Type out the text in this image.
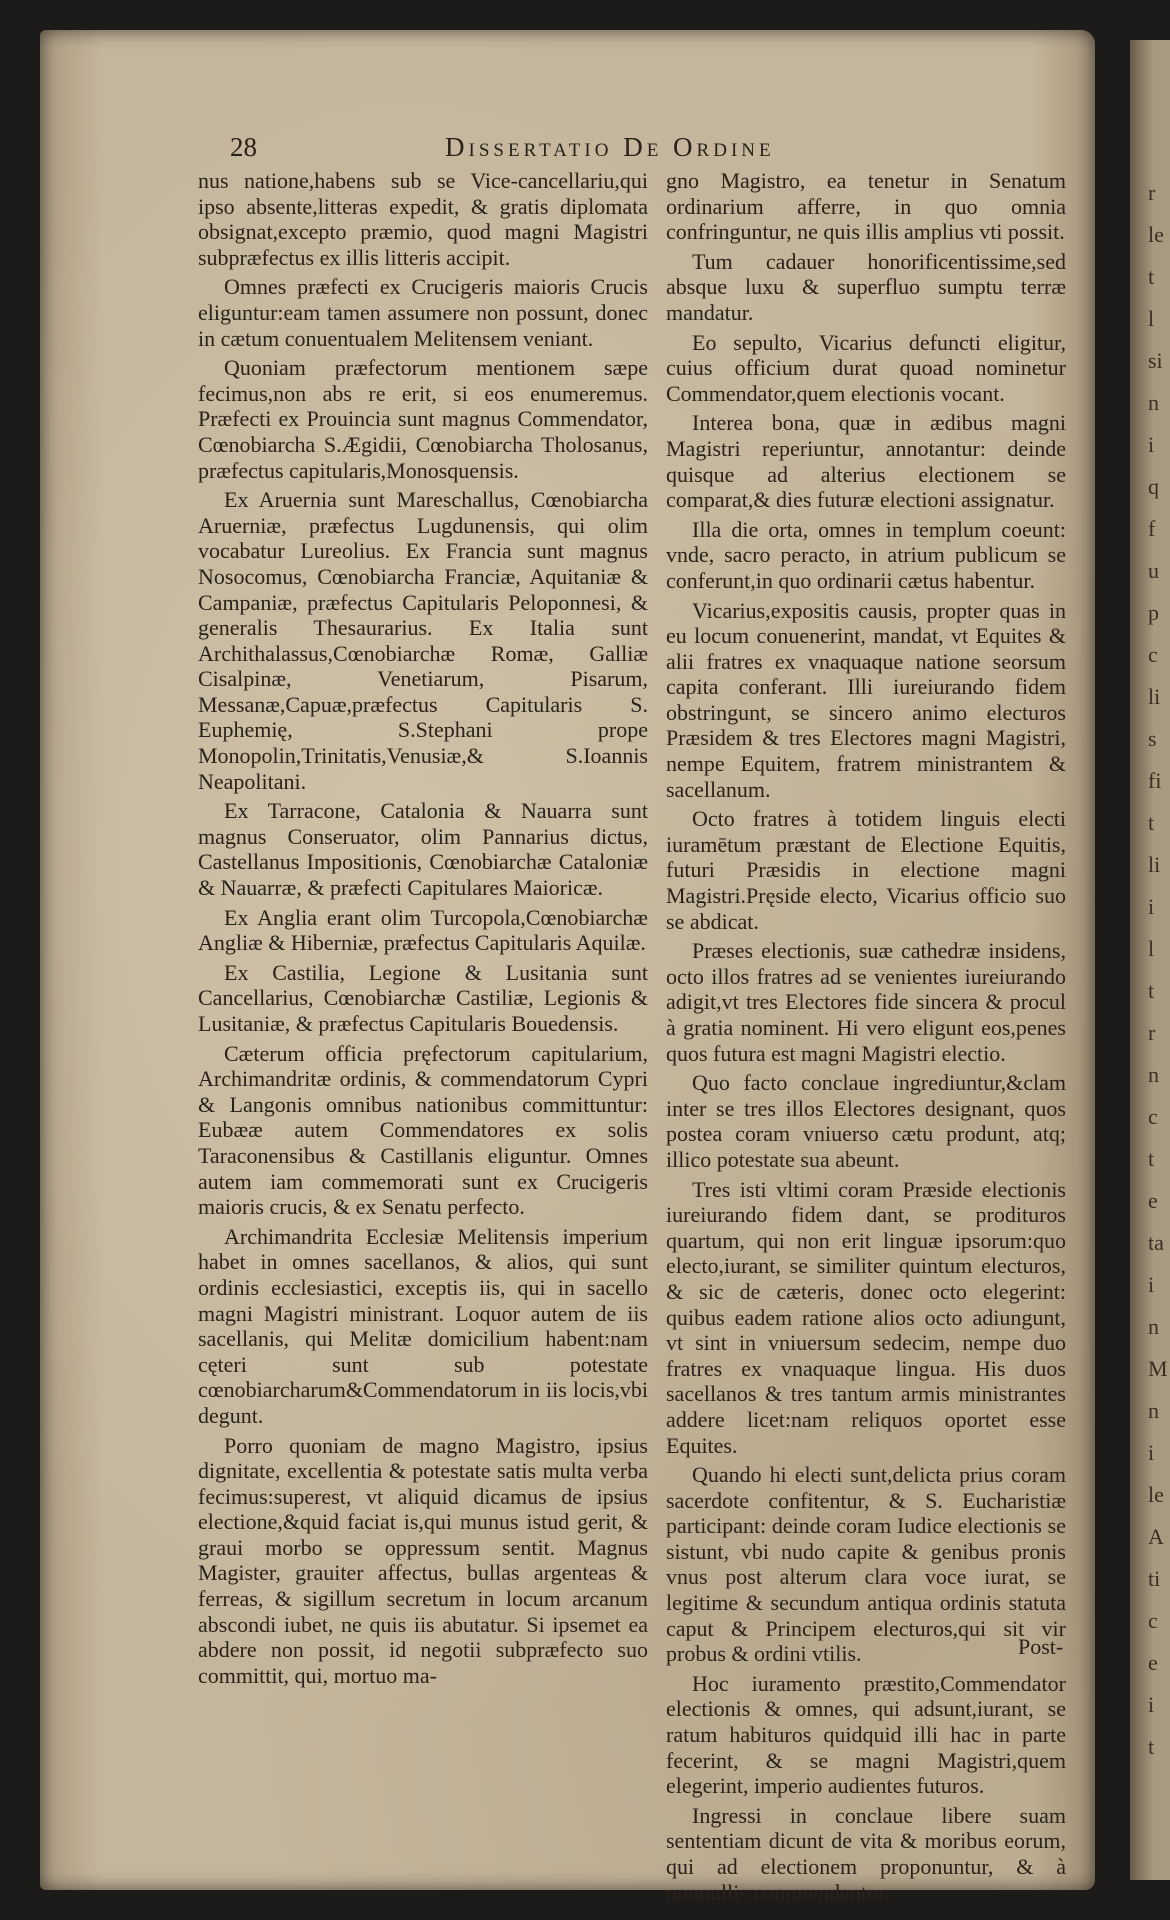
r
le
t
l
si
n
i
q
f
u
p
c
li
s
fi
t
li
i
l
t
r
n
c
t
e
ta
i
n
M
n
i
le
A
ti
c
e
i
t
28	Dissertatio De Ordine

nus natione,habens sub se Vice-cancellariu,qui ipso absente,litteras expedit, & gratis diplomata obsignat,excepto præmio, quod magni Magistri subpræfectus ex illis litteris accipit.

Omnes præfecti ex Crucigeris maioris Crucis eliguntur:eam tamen assumere non possunt, donec in cætum conuentualem Melitensem veniant.

Quoniam præfectorum mentionem sæpe fecimus,non abs re erit, si eos enumeremus. Præfecti ex Prouincia sunt magnus Commendator, Cœnobiarcha S.Ægidii, Cœnobiarcha Tholosanus, præfectus capitularis,Monosquensis.

Ex Aruernia sunt Mareschallus, Cœnobiarcha Aruerniæ, præfectus Lugdunensis, qui olim vocabatur Lureolius. Ex Francia sunt magnus Nosocomus, Cœnobiarcha Franciæ, Aquitaniæ & Campaniæ, præfectus Capitularis Peloponnesi, & generalis Thesaurarius. Ex Italia sunt Archithalassus,Cœnobiarchæ Romæ, Galliæ Cisalpinæ, Venetiarum, Pisarum, Messanæ,Capuæ,præfectus Capitularis S. Euphemię, S.Stephani prope Monopolin,Trinitatis,Venusiæ,& S.Ioannis Neapolitani.

Ex Tarracone, Catalonia & Nauarra sunt magnus Conseruator, olim Pannarius dictus, Castellanus Impositionis, Cœnobiarchæ Cataloniæ & Nauarræ, & præfecti Capitulares Maioricæ.

Ex Anglia erant olim Turcopola,Cœnobiarchæ Angliæ & Hiberniæ, præfectus Capitularis Aquilæ.

Ex Castilia, Legione & Lusitania sunt Cancellarius, Cœnobiarchæ Castiliæ, Legionis & Lusitaniæ, & præfectus Capitularis Bouedensis.

Cæterum officia pręfectorum capitularium, Archimandritæ ordinis, & commendatorum Cypri & Langonis omnibus nationibus committuntur: Eubææ autem Commendatores ex solis Taraconensibus & Castillanis eliguntur. Omnes autem iam commemorati sunt ex Crucigeris maioris crucis, & ex Senatu perfecto.

Archimandrita Ecclesiæ Melitensis imperium habet in omnes sacellanos, & alios, qui sunt ordinis ecclesiastici, exceptis iis, qui in sacello magni Magistri ministrant. Loquor autem de iis sacellanis, qui Melitæ domicilium habent:nam cęteri sunt sub potestate cœnobiarcharum&Commendatorum in iis locis,vbi degunt.

Porro quoniam de magno Magistro, ipsius dignitate, excellentia & potestate satis multa verba fecimus:superest, vt aliquid dicamus de ipsius electione,&quid faciat is,qui munus istud gerit, & graui morbo se oppressum sentit. Magnus Magister, grauiter affectus, bullas argenteas & ferreas, & sigillum secretum in locum arcanum abscondi iubet, ne quis iis abutatur. Si ipsemet ea abdere non possit, id negotii subpræfecto suo committit, qui, mortuo ma-

gno Magistro, ea tenetur in Senatum ordinarium afferre, in quo omnia confringuntur, ne quis illis amplius vti possit.

Tum cadauer honorificentissime,sed absque luxu & superfluo sumptu terræ mandatur.

Eo sepulto, Vicarius defuncti eligitur, cuius officium durat quoad nominetur Commendator,quem electionis vocant.

Interea bona, quæ in ædibus magni Magistri reperiuntur, annotantur: deinde quisque ad alterius electionem se comparat,& dies futuræ electioni assignatur.

Illa die orta, omnes in templum coeunt: vnde, sacro peracto, in atrium publicum se conferunt,in quo ordinarii cætus habentur.

Vicarius,expositis causis, propter quas in eu locum conuenerint, mandat, vt Equites & alii fratres ex vnaquaque natione seorsum capita conferant. Illi iureiurando fidem obstringunt, se sincero animo electuros Præsidem & tres Electores magni Magistri, nempe Equitem, fratrem ministrantem & sacellanum.

Octo fratres à totidem linguis electi iuramētum præstant de Electione Equitis, futuri Præsidis in electione magni Magistri.Pręside electo, Vicarius officio suo se abdicat.

Præses electionis, suæ cathedræ insidens, octo illos fratres ad se venientes iureiurando adigit,vt tres Electores fide sincera & procul à gratia nominent. Hi vero eligunt eos,penes quos futura est magni Magistri electio.

Quo facto conclaue ingrediuntur,&clam inter se tres illos Electores designant, quos postea coram vniuerso cætu produnt, atq; illico potestate sua abeunt.

Tres isti vltimi coram Præside electionis iureiurando fidem dant, se prodituros quartum, qui non erit linguæ ipsorum:quo electo,iurant, se similiter quintum electuros, & sic de cæteris, donec octo elegerint: quibus eadem ratione alios octo adiungunt, vt sint in vniuersum sedecim, nempe duo fratres ex vnaquaque lingua. His duos sacellanos & tres tantum armis ministrantes addere licet:nam reliquos oportet esse Equites.

Quando hi electi sunt,delicta prius coram sacerdote confitentur, & S. Eucharistiæ participant: deinde coram Iudice electionis se sistunt, vbi nudo capite & genibus pronis vnus post alterum clara voce iurat, se legitime & secundum antiqua ordinis statuta caput & Principem electuros,qui sit vir probus & ordini vtilis.

Hoc iuramento præstito,Commendator electionis & omnes, qui adsunt,iurant, se ratum habituros quidquid illi hac in parte fecerint, & se magni Magistri,quem elegerint, imperio audientes futuros.

Ingressi in conclaue libere suam sententiam dicunt de vita & moribus eorum, qui ad electionem proponuntur, & à nonnullis commendantur.

Post-
